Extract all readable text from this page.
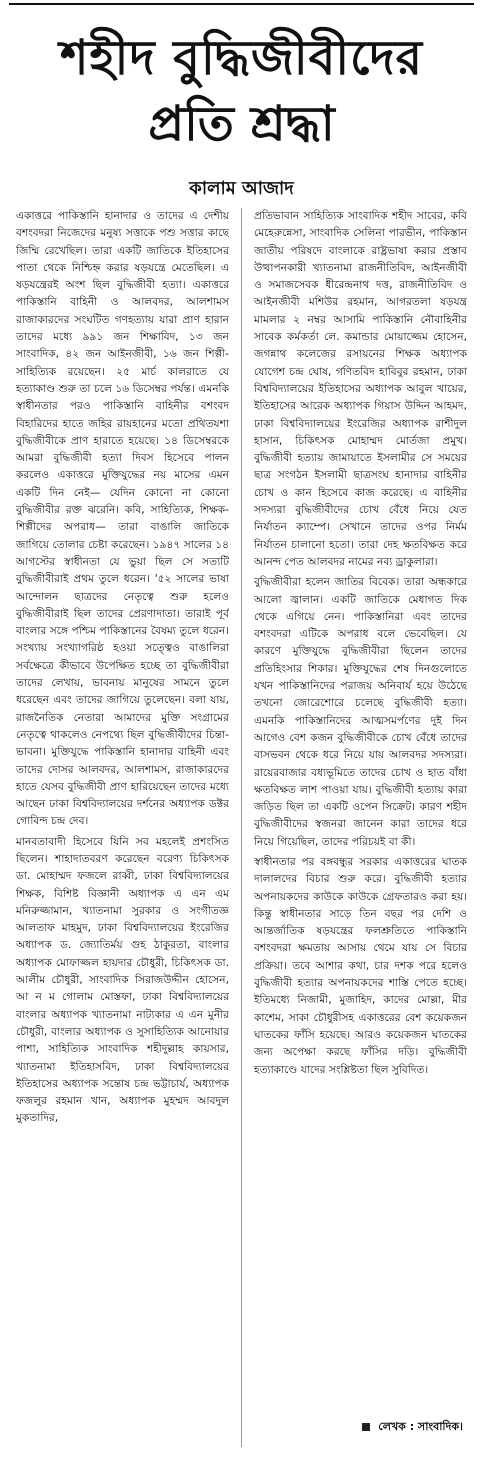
শহীদ বুদ্ধিজীবীদের
প্রতি শ্রদ্ধা
কালাম আজাদ

একাত্তরে পাকিস্তানি হানাদার ও তাদের এ দেশীয় বশংবদরা নিজেদের মনুষ্য সত্তাকে পশু সত্তার কাছে জিম্মি রেখেছিল। তারা একটি জাতিকে ইতিহাসের পাতা থেকে নিশ্চিহ্ন করার ষড়যন্ত্রে মেতেছিল। এ ষড়যন্ত্রেরই অংশ ছিল বুদ্ধিজীবী হত্যা। একাত্তরে পাকিস্তানি বাহিনী ও আলবদর, আলশামস রাজাকারদের সংঘটিত গণহত্যায় যারা প্রাণ হারান তাদের মধ্যে ৯৯১ জন শিক্ষাবিদ, ১৩ জন সাংবাদিক, ৪২ জন আইনজীবী, ১৬ জন শিল্পী-সাহিত্যিক রয়েছেন। ২৫ মার্চ কালরাতে যে হত্যাকাণ্ড শুরু তা চলে ১৬ ডিসেম্বর পর্যন্ত। এমনকি স্বাধীনতার পরও পাকিস্তানি বাহিনীর বশংবদ বিহারিদের হাতে জহির রায়হানের মতো প্রথিতযশা বুদ্ধিজীবীকে প্রাণ হারাতে হয়েছে। ১৪ ডিসেম্বরকে আমরা বুদ্ধিজীবী হত্যা দিবস হিসেবে পালন করলেও একাত্তরে মুক্তিযুদ্ধের নয় মাসের এমন একটি দিন নেই— যেদিন কোনো না কোনো বুদ্ধিজীবীর রক্ত ঝরেনি। কবি, সাহিত্যিক, শিক্ষক-শিল্পীদের অপরাধ— তারা বাঙালি জাতিকে জাগিয়ে তোলার চেষ্টা করেছেন। ১৯৪৭ সালের ১৪ আগস্টের স্বাধীনতা যে ভুয়া ছিল সে সত্যটি বুদ্ধিজীবীরাই প্রথম তুলে ধরেন। '৫২ সালের ভাষা আন্দোলন ছাত্রদের নেতৃত্বে শুরু হলেও বুদ্ধিজীবীরাই ছিল তাদের প্রেরণাদাতা। তারাই পূর্ব বাংলার সঙ্গে পশ্চিম পাকিস্তানের বৈষম্য তুলে ধরেন। সংখ্যায় সংখ্যাগরিষ্ঠ হওয়া সত্ত্বেও বাঙালিরা সর্বক্ষেত্রে কীভাবে উপেক্ষিত হচ্ছে তা বুদ্ধিজীবীরা তাদের লেখায়, ভাবনায় মানুষের সামনে তুলে ধরেছেন এবং তাদের জাগিয়ে তুলেছেন। বলা যায়, রাজনৈতিক নেতারা আমাদের মুক্তি সংগ্রামের নেতৃত্বে থাকলেও নেপথ্যে ছিল বুদ্ধিজীবীদের চিন্তা-ভাবনা। মুক্তিযুদ্ধে পাকিস্তানি হানাদার বাহিনী এবং তাদের দোসর আলবদর, আলশামস, রাজাকারদের হাতে যেসব বুদ্ধিজীবী প্রাণ হারিয়েছেন তাদের মধ্যে আছেন ঢাকা বিশ্ববিদ্যালয়ের দর্শনের অধ্যাপক ডক্টর গোবিন্দ চন্দ্র দেব।

মানবতাবাদী হিসেবে যিনি সব মহলেই প্রশংসিত ছিলেন। শাহাদাতবরণ করেছেন বরেণ্য চিকিৎসক ডা. মোহাম্মদ ফজলে রাব্বী, ঢাকা বিশ্ববিদ্যালয়ের শিক্ষক, বিশিষ্ট বিজ্ঞানী অধ্যাপক এ এন এম মনিরুজ্জামান, খ্যাতনামা সুরকার ও সংগীতজ্ঞ আলতাফ মাহমুদ, ঢাকা বিশ্ববিদ্যালয়ের ইংরেজির অধ্যাপক ড. জ্যোতির্ময় গুহ ঠাকুরতা, বাংলার অধ্যাপক মোফাজ্জল হায়দার চৌধুরী, চিকিৎসক ডা. আলীম চৌধুরী, সাংবাদিক সিরাজউদ্দীন হোসেন, আ ন ম গোলাম মোস্তফা, ঢাকা বিশ্ববিদ্যালয়ের বাংলার অধ্যাপক খ্যাতনামা নাট্যকার এ এন মুনীর চৌধুরী, বাংলার অধ্যাপক ও সুসাহিত্যিক আনোয়ার পাশা, সাহিত্যিক সাংবাদিক শহীদুল্লাহ কায়সার, খ্যাতনামা ইতিহাসবিদ, ঢাকা বিশ্ববিদ্যালয়ের ইতিহাসের অধ্যাপক সন্তোষ চন্দ্র ভট্টাচার্য, অধ্যাপক ফজলুর রহমান খান, অধ্যাপক মুহম্মদ আবদুল মুকতাদির,

প্রতিভাবান সাহিত্যিক সাংবাদিক শহীদ সাবের, কবি মেহেরুন্নেসা, সাংবাদিক সেলিনা পারভীন, পাকিস্তান জাতীয় পরিষদে বাংলাকে রাষ্ট্রভাষা করার প্রস্তাব উত্থাপনকারী খ্যাতনামা রাজনীতিবিদ, আইনজীবী ও সমাজসেবক ধীরেন্দ্রনাথ দত্ত, রাজনীতিবিদ ও আইনজীবী মশিউর রহমান, আগরতলা ষড়যন্ত্র মামলার ২ নম্বর আসামি পাকিস্তানি নৌবাহিনীর সাবেক কর্মকর্তা লে. কমান্ডার মোয়াজ্জেম হোসেন, জগন্নাথ কলেজের রসায়নের শিক্ষক অধ্যাপক যোগেশ চন্দ্র ঘোষ, গণিতবিদ হাবিবুর রহমান, ঢাকা বিশ্ববিদ্যালয়ের ইতিহাসের অধ্যাপক আবুল খায়ের, ইতিহাসের আরেক অধ্যাপক গিয়াস উদ্দিন আহমদ, ঢাকা বিশ্ববিদ্যালয়ের ইংরেজির অধ্যাপক রাশীদুল হাসান, চিকিৎসক মোহাম্মদ মোর্তজা প্রমুখ। বুদ্ধিজীবী হত্যায় জামায়াতে ইসলামীর সে সময়ের ছাত্র সংগঠন ইসলামী ছাত্রসংঘ হানাদার বাহিনীর চোখ ও কান হিসেবে কাজ করেছে। এ বাহিনীর সদস্যরা বুদ্ধিজীবীদের চোখ বেঁধে নিয়ে যেত নির্যাতন ক্যাম্পে। সেখানে তাদের ওপর নির্মম নির্যাতন চালানো হতো। তারা দেহ ক্ষতবিক্ষত করে আনন্দ পেত আলবদর নামের নব্য ড্রাকুলারা।

বুদ্ধিজীবীরা হলেন জাতির বিবেক। তারা অন্ধকারে আলো জ্বালান। একটি জাতিকে মেধাগত দিক থেকে এগিয়ে নেন। পাকিস্তানিরা এবং তাদের বশংবদরা এটিকে অপরাধ বলে ভেবেছিল। যে কারণে মুক্তিযুদ্ধে বুদ্ধিজীবীরা ছিলেন তাদের প্রতিহিংসার শিকার। মুক্তিযুদ্ধের শেষ দিনগুলোতে যখন পাকিস্তানিদের পরাজয় অনিবার্য হয়ে উঠেছে তখনো জোরেশোরে চলেছে বুদ্ধিজীবী হত্যা। এমনকি পাকিস্তানিদের আত্মসমর্পণের দুই দিন আগেও বেশ কজন বুদ্ধিজীবীকে চোখ বেঁধে তাদের বাসভবন থেকে ধরে নিয়ে যায় আলবদর সদস্যরা। রায়েরবাজার বধ্যভূমিতে তাদের চোখ ও হাত বাঁধা ক্ষতবিক্ষত লাশ পাওয়া যায়। বুদ্ধিজীবী হত্যায় কারা জড়িত ছিল তা একটি ওপেন সিক্রেট। কারণ শহীদ বুদ্ধিজীবীদের স্বজনরা জানেন কারা তাদের ধরে নিয়ে গিয়েছিল, তাদের পরিচয়ই বা কী।

স্বাধীনতার পর বঙ্গবন্ধুর সরকার একাত্তরের ঘাতক দালালদের বিচার শুরু করে। বুদ্ধিজীবী হত্যার অপনায়কদের কাউকে কাউকে গ্রেফতারও করা হয়। কিন্তু স্বাধীনতার সাড়ে তিন বছর পর দেশি ও আন্তর্জাতিক ষড়যন্ত্রের ফলশ্রুতিতে পাকিস্তানি বশংবদরা ক্ষমতায় আসায় থেমে যায় সে বিচার প্রক্রিয়া। তবে আশার কথা, চার দশক পরে হলেও বুদ্ধিজীবী হত্যার অপনায়কদের শাস্তি পেতে হচ্ছে। ইতিমধ্যে নিজামী, মুজাহিদ, কাদের মোল্লা, মীর কাশেম, সাকা চৌধুরীসহ একাত্তরের বেশ কয়েকজন ঘাতকের ফাঁসি হয়েছে। আরও কয়েকজন ঘাতকের জন্য অপেক্ষা করছে ফাঁসির দড়ি। বুদ্ধিজীবী হত্যাকাণ্ডে যাদের সংশ্লিষ্টতা ছিল সুবিদিত।

লেখক : সাংবাদিক।
